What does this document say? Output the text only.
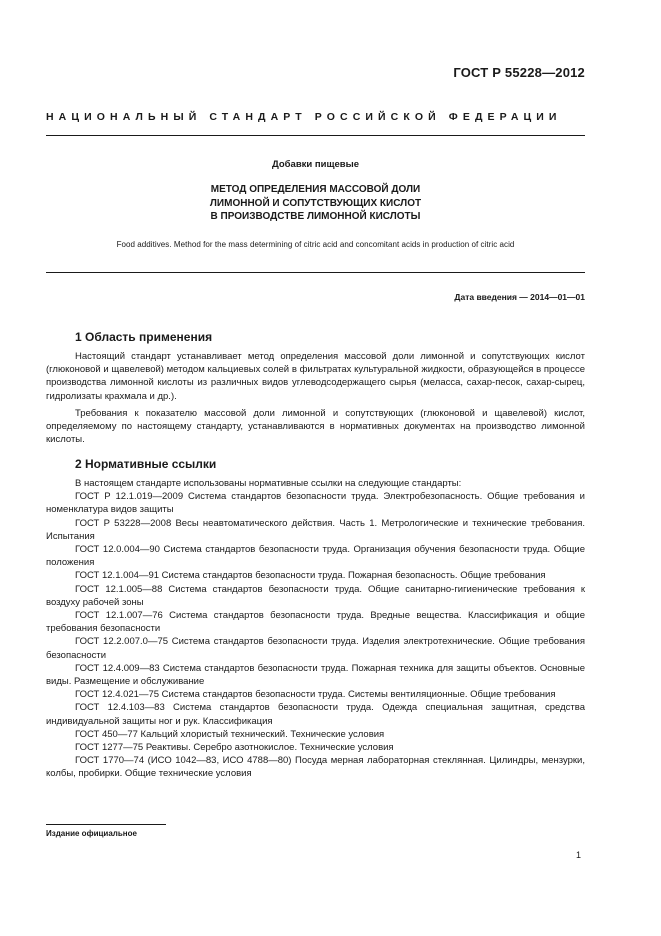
ГОСТ Р 55228—2012
НАЦИОНАЛЬНЫЙ СТАНДАРТ РОССИЙСКОЙ ФЕДЕРАЦИИ
Добавки пищевые
МЕТОД ОПРЕДЕЛЕНИЯ МАССОВОЙ ДОЛИ
ЛИМОННОЙ И СОПУТСТВУЮЩИХ КИСЛОТ
В ПРОИЗВОДСТВЕ ЛИМОННОЙ КИСЛОТЫ
Food additives. Method for the mass determining of citric acid and concomitant acids in production of citric acid
Дата введения — 2014—01—01
1 Область применения

Настоящий стандарт устанавливает метод определения массовой доли лимонной и сопутствующих кислот (глюконовой и щавелевой) методом кальциевых солей в фильтратах культуральной жидкости, образующейся в процессе производства лимонной кислоты из различных видов углеводсодержащего сырья (меласса, сахар-песок, сахар-сырец, гидролизаты крахмала и др.).

Требования к показателю массовой доли лимонной и сопутствующих (глюконовой и щавелевой) кислот, определяемому по настоящему стандарту, устанавливаются в нормативных документах на производство лимонной кислоты.

2 Нормативные ссылки

В настоящем стандарте использованы нормативные ссылки на следующие стандарты:

ГОСТ Р 12.1.019—2009 Система стандартов безопасности труда. Электробезопасность. Общие требования и номенклатура видов защиты

ГОСТ Р 53228—2008 Весы неавтоматического действия. Часть 1. Метрологические и технические требования. Испытания

ГОСТ 12.0.004—90 Система стандартов безопасности труда. Организация обучения безопасности труда. Общие положения

ГОСТ 12.1.004—91 Система стандартов безопасности труда. Пожарная безопасность. Общие требования

ГОСТ 12.1.005—88 Система стандартов безопасности труда. Общие санитарно-гигиенические требования к воздуху рабочей зоны

ГОСТ 12.1.007—76 Система стандартов безопасности труда. Вредные вещества. Классификация и общие требования безопасности

ГОСТ 12.2.007.0—75 Система стандартов безопасности труда. Изделия электротехнические. Общие требования безопасности

ГОСТ 12.4.009—83 Система стандартов безопасности труда. Пожарная техника для защиты объектов. Основные виды. Размещение и обслуживание

ГОСТ 12.4.021—75 Система стандартов безопасности труда. Системы вентиляционные. Общие требования

ГОСТ 12.4.103—83 Система стандартов безопасности труда. Одежда специальная защитная, средства индивидуальной защиты ног и рук. Классификация

ГОСТ 450—77 Кальций хлористый технический. Технические условия

ГОСТ 1277—75 Реактивы. Серебро азотнокислое. Технические условия

ГОСТ 1770—74 (ИСО 1042—83, ИСО 4788—80) Посуда мерная лабораторная стеклянная. Цилиндры, мензурки, колбы, пробирки. Общие технические условия

Издание официальное
1
